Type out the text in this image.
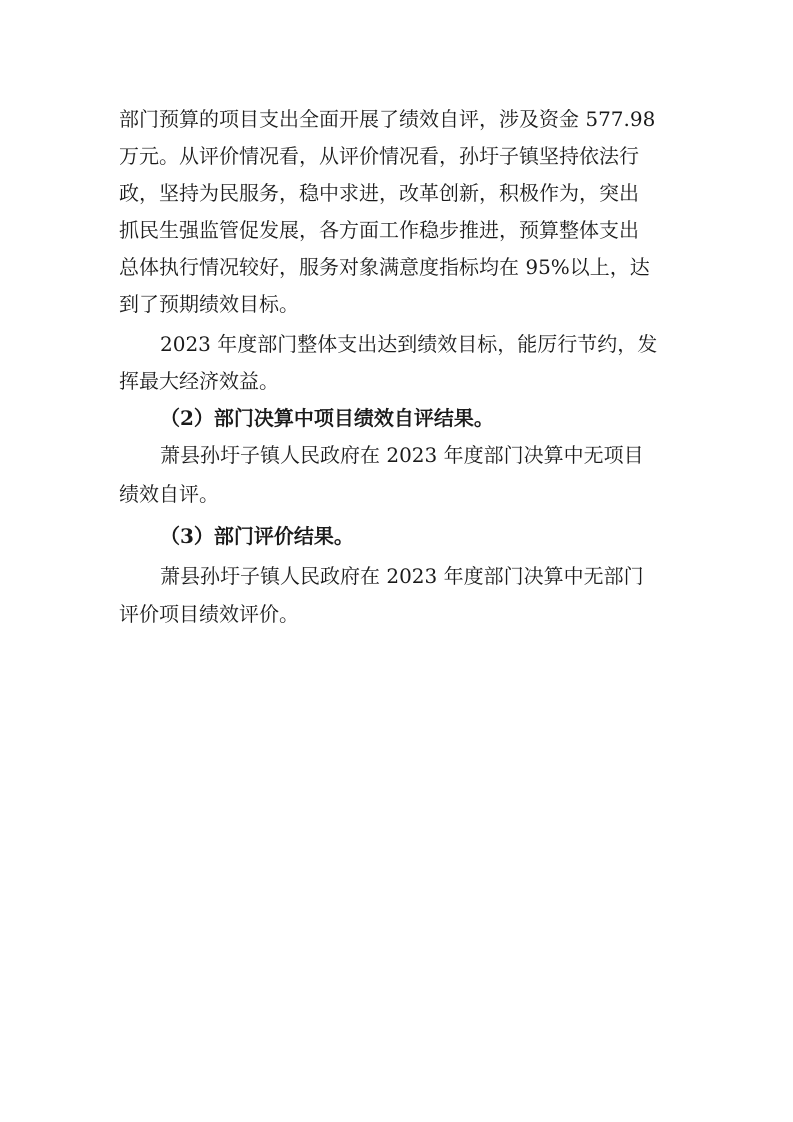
部门预算的项目支出全面开展了绩效自评，涉及资金 577.98

万元。从评价情况看，从评价情况看，孙圩子镇坚持依法行

政，坚持为民服务，稳中求进，改革创新，积极作为，突出

抓民生强监管促发展，各方面工作稳步推进，预算整体支出

总体执行情况较好，服务对象满意度指标均在 95%以上，达

到了预期绩效目标。

2023 年度部门整体支出达到绩效目标，能厉行节约，发

挥最大经济效益。

（2）部门决算中项目绩效自评结果。

萧县孙圩子镇人民政府在 2023 年度部门决算中无项目

绩效自评。

（3）部门评价结果。

萧县孙圩子镇人民政府在 2023 年度部门决算中无部门

评价项目绩效评价。
